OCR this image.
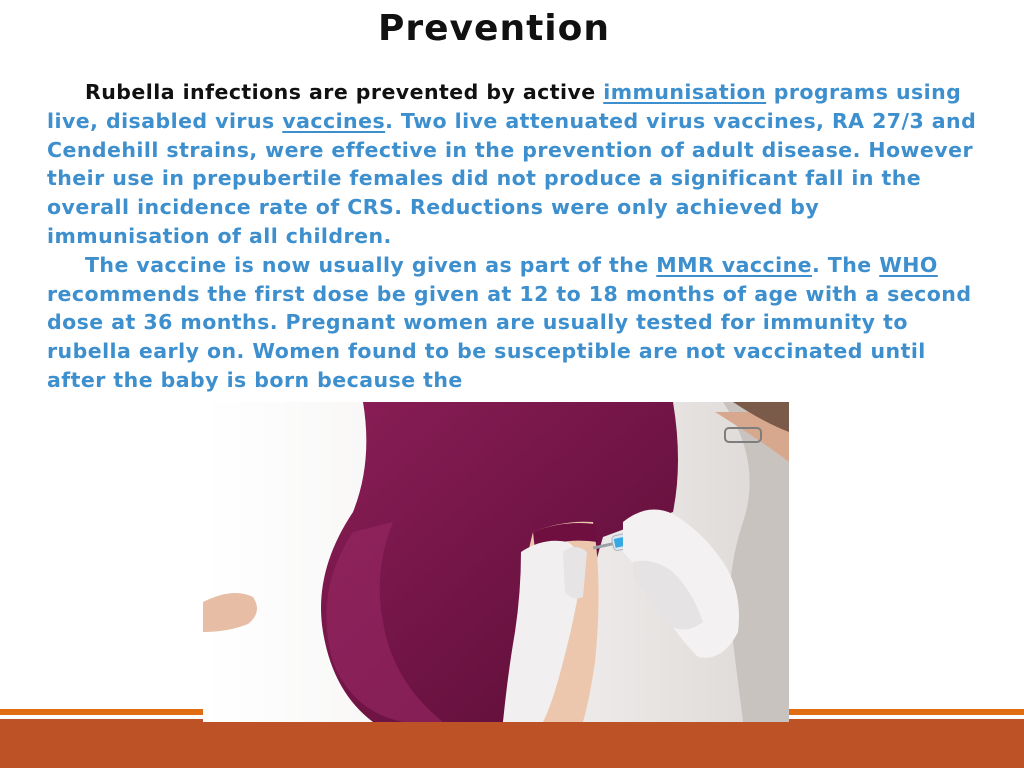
Prevention

Rubella infections are prevented by active immunisation programs using live, disabled virus vaccines. Two live attenuated virus vaccines, RA 27/3 and Cendehill strains, were effective in the prevention of adult disease. However their use in prepubertile females did not produce a significant fall in the overall incidence rate of CRS. Reductions were only achieved by immunisation of all children.

The vaccine is now usually given as part of the MMR vaccine. The WHO recommends the first dose be given at 12 to 18 months of age with a second dose at 36 months. Pregnant women are usually tested for immunity to rubella early on. Women found to be susceptible are not vaccinated until after the baby is born because the
